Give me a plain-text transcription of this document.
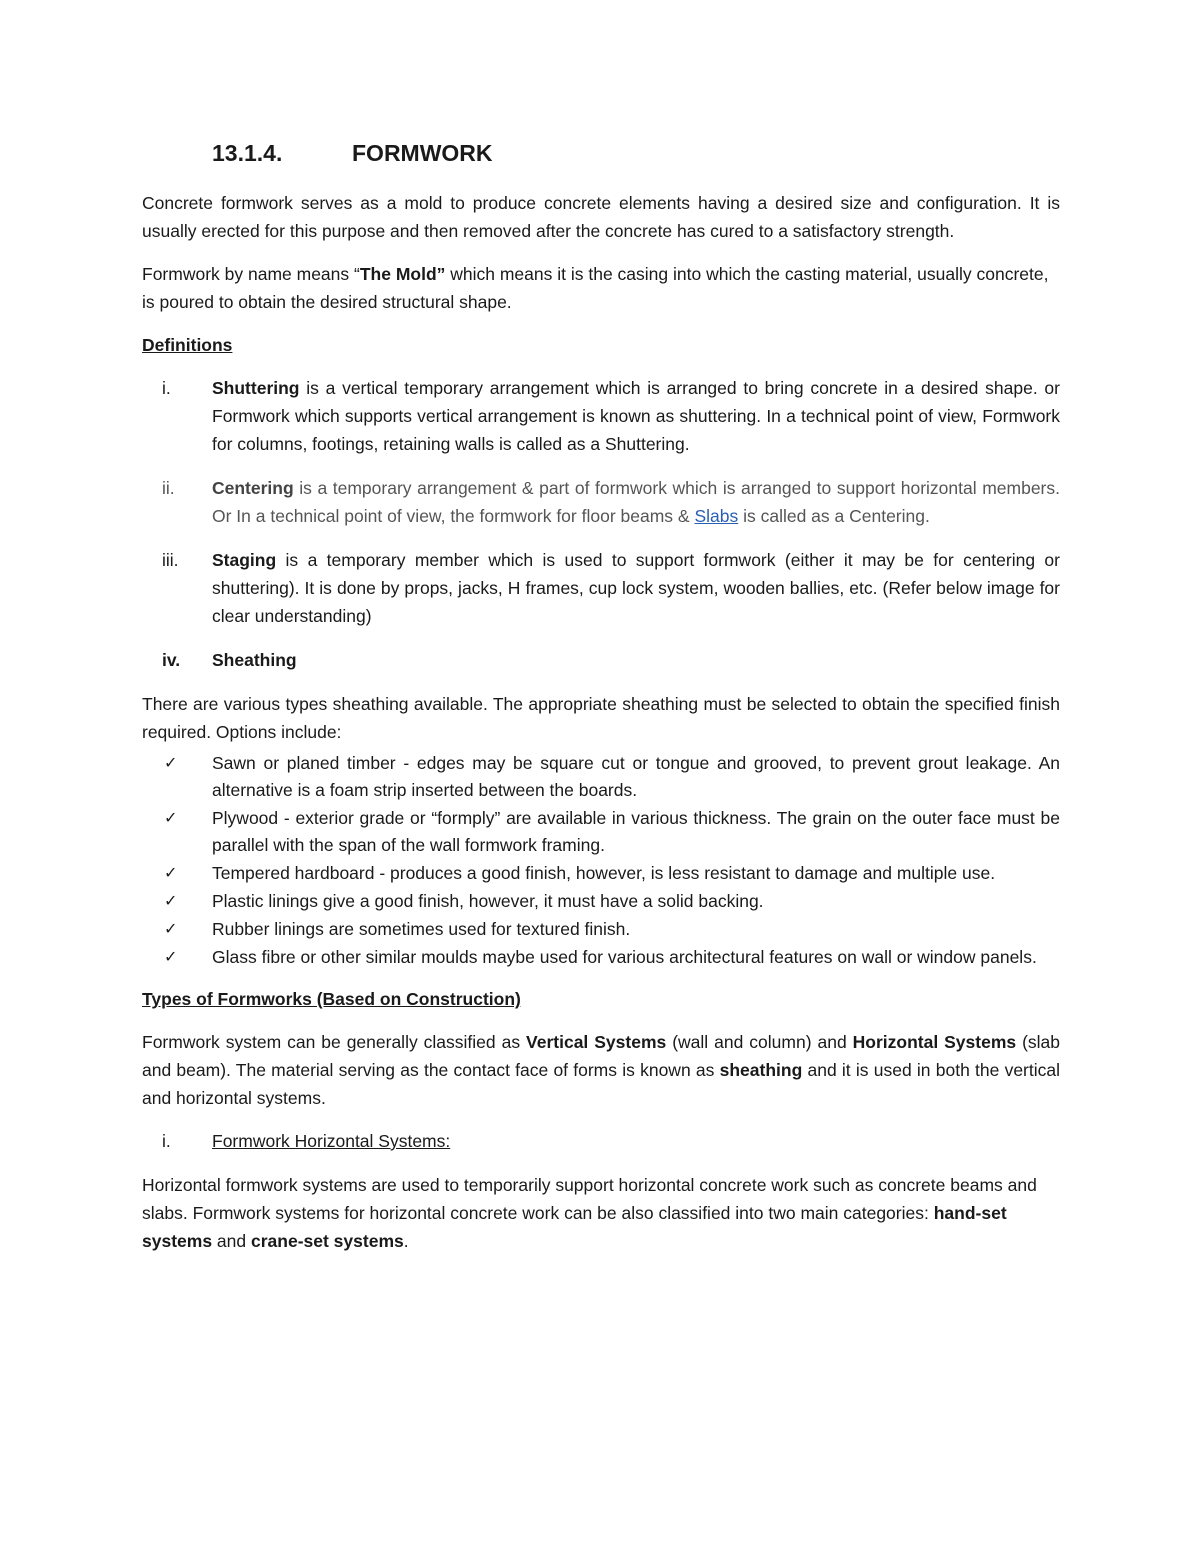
13.1.4.	FORMWORK

Concrete formwork serves as a mold to produce concrete elements having a desired size and configuration. It is usually erected for this purpose and then removed after the concrete has cured to a satisfactory strength.

Formwork by name means “The Mold” which means it is the casing into which the casting material, usually concrete, is poured to obtain the desired structural shape.

Definitions
i.	Shuttering is a vertical temporary arrangement which is arranged to bring concrete in a desired shape. or Formwork which supports vertical arrangement is known as shuttering. In a technical point of view, Formwork for columns, footings, retaining walls is called as a Shuttering.
ii.	Centering is a temporary arrangement & part of formwork which is arranged to support horizontal members. Or In a technical point of view, the formwork for floor beams & Slabs is called as a Centering.
iii.	Staging is a temporary member which is used to support formwork (either it may be for centering or shuttering). It is done by props, jacks, H frames, cup lock system, wooden ballies, etc. (Refer below image for clear understanding)
iv.	Sheathing

There are various types sheathing available. The appropriate sheathing must be selected to obtain the specified finish required. Options include:

✓	Sawn or planed timber - edges may be square cut or tongue and grooved, to prevent grout leakage. An alternative is a foam strip inserted between the boards.
✓	Plywood - exterior grade or “formply” are available in various thickness. The grain on the outer face must be parallel with the span of the wall formwork framing.
✓	Tempered hardboard - produces a good finish, however, is less resistant to damage and multiple use.
✓	Plastic linings give a good finish, however, it must have a solid backing.
✓	Rubber linings are sometimes used for textured finish.
✓	Glass fibre or other similar moulds maybe used for various architectural features on wall or window panels.
Types of Formworks (Based on Construction)

Formwork system can be generally classified as Vertical Systems (wall and column) and Horizontal Systems (slab and beam). The material serving as the contact face of forms is known as sheathing and it is used in both the vertical and horizontal systems.

i.	Formwork Horizontal Systems:

Horizontal formwork systems are used to temporarily support horizontal concrete work such as concrete beams and slabs. Formwork systems for horizontal concrete work can be also classified into two main categories: hand-set systems and crane-set systems.
